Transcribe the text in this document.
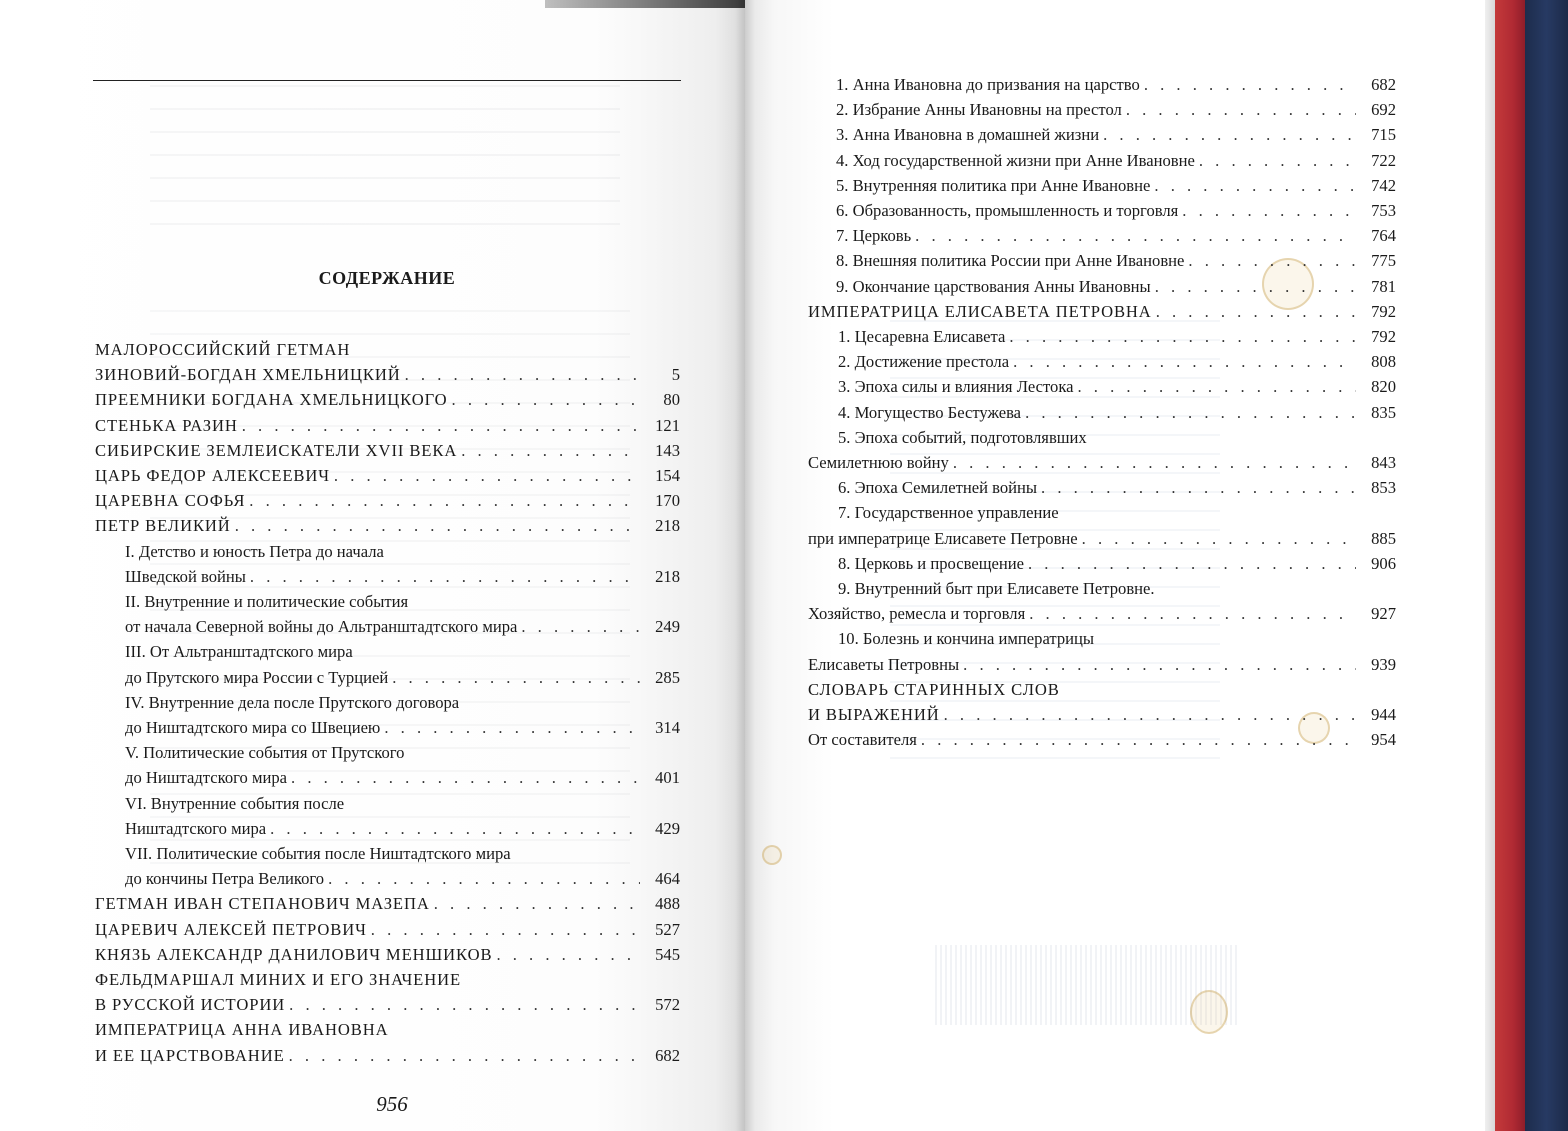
СОДЕРЖАНИЕ
МАЛОРОССИЙСКИЙ ГЕТМАН
ЗИНОВИЙ-БОГДАН ХМЕЛЬНИЦКИЙ . . .	5
ПРЕЕМНИКИ БОГДАНА ХМЕЛЬНИЦКОГО . . .	80
СТЕНЬКА РАЗИН . . .	121
СИБИРСКИЕ ЗЕМЛЕИСКАТЕЛИ XVII ВЕКА . . .	143
ЦАРЬ ФЕДОР АЛЕКСЕЕВИЧ . . .	154
ЦАРЕВНА СОФЬЯ . . .	170
ПЕТР ВЕЛИКИЙ . . .	218
I. Детство и юность Петра до начала
Шведской войны . . .	218
II. Внутренние и политические события
от начала Северной войны до Альтранштадтского мира . . .	249
III. От Альтранштадтского мира
до Прутского мира России с Турцией . . .	285
IV. Внутренние дела после Прутского договора
до Ништадтского мира со Швециею . . .	314
V. Политические события от Прутского
до Ништадтского мира . . .	401
VI. Внутренние события после
Ништадтского мира . . .	429
VII. Политические события после Ништадтского мира
до кончины Петра Великого . . .	464
ГЕТМАН ИВАН СТЕПАНОВИЧ МАЗЕПА . . .	488
ЦАРЕВИЧ АЛЕКСЕЙ ПЕТРОВИЧ . . .	527
КНЯЗЬ АЛЕКСАНДР ДАНИЛОВИЧ МЕНШИКОВ . . .	545
ФЕЛЬДМАРШАЛ МИНИХ И ЕГО ЗНАЧЕНИЕ
В РУССКОЙ ИСТОРИИ . . .	572
ИМПЕРАТРИЦА АННА ИВАНОВНА
И ЕЕ ЦАРСТВОВАНИЕ . . .	682
1. Анна Ивановна до призвания на царство . . .	682
2. Избрание Анны Ивановны на престол . . .	692
3. Анна Ивановна в домашней жизни . . .	715
4. Ход государственной жизни при Анне Ивановне . . .	722
5. Внутренняя политика при Анне Ивановне . . .	742
6. Образованность, промышленность и торговля . . .	753
7. Церковь . . .	764
8. Внешняя политика России при Анне Ивановне . . .	775
9. Окончание царствования Анны Ивановны . . .	781
ИМПЕРАТРИЦА ЕЛИСАВЕТА ПЕТРОВНА . . .	792
1. Цесаревна Елисавета . . .	792
2. Достижение престола . . .	808
3. Эпоха силы и влияния Лестока . . .	820
4. Могущество Бестужева . . .	835
5. Эпоха событий, подготовлявших
Семилетнюю войну . . .	843
6. Эпоха Семилетней войны . . .	853
7. Государственное управление
при императрице Елисавете Петровне . . .	885
8. Церковь и просвещение . . .	906
9. Внутренний быт при Елисавете Петровне.
Хозяйство, ремесла и торговля . . .	927
10. Болезнь и кончина императрицы
Елисаветы Петровны . . .	939
СЛОВАРЬ СТАРИННЫХ СЛОВ
И ВЫРАЖЕНИЙ . . .	944
От составителя . . .	954
956
